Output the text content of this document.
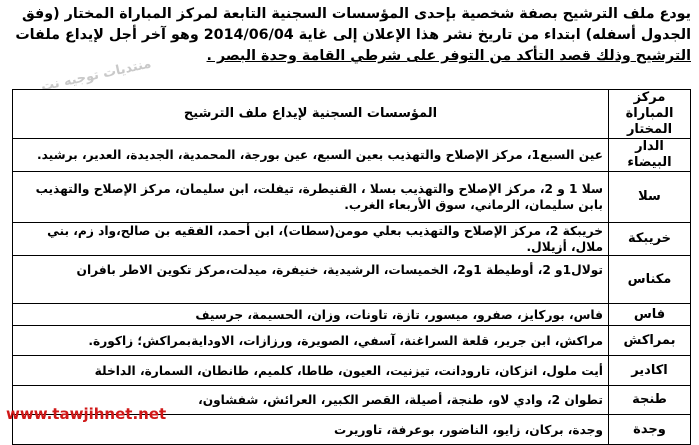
يودع ملف الترشيح بصفة شخصية بإحدى المؤسسات السجنية التابعة لمركز المباراة المختار (وفق
الجدول أسفله) ابتداء من تاريخ نشر هذا الإعلان إلى غاية 2014/06/04 وهو آخر أجل لإيداع ملفات
الترشيح وذلك قصد التأكد من التوفر على شرطي القامة وحدة البصر .
منتديات توجيه نت
مركز المباراة المختار	المؤسسات السجنية لإيداع ملف الترشيح
الدار البيضاء	عين السبع1، مركز الإصلاح والتهذيب بعين السبع، عين بورجة، المحمدية، الجديدة، العدير، برشيد.
سلا	سلا 1 و 2، مركز الإصلاح والتهذيب بسلا ، القنيطرة، تيفلت، ابن سليمان، مركز الإصلاح والتهذيب بابن سليمان، الرماني، سوق الأربعاء الغرب.
خريبكة	خريبكة 2، مركز الإصلاح والتهذيب بعلي مومن(سطات)، ابن أحمد، الفقيه بن صالح،واد زم، بني ملال، أزيلال.
مكناس	تولال1و 2، أوطيطة 1و2، الخميسات، الرشيدية، خنيفرة، ميدلت،مركز تكوين الاطر بافران
فاس	فاس، بوركايز، صفرو، ميسور، تازة، تاونات، وزان، الحسيمة، جرسيف
بمراكش	مراكش، ابن جرير، قلعة السراغنة، آسفي، الصويرة، ورزازات، الاودايةبمراكش؛ زاكورة.
اكادير	أيت ملول، انزكان، تارودانت، تيزنيت، العيون، طاطا، كلميم، طانطان، السمارة، الداخلة
طنجة	تطوان 2، وادي لاو، طنجة، أصيلة، القصر الكبير، العرائش، شفشاون،
وجدة	وجدة، بركان، زايو، الناضور، بوعرفة، تاوريرت
www.tawjihnet.net
